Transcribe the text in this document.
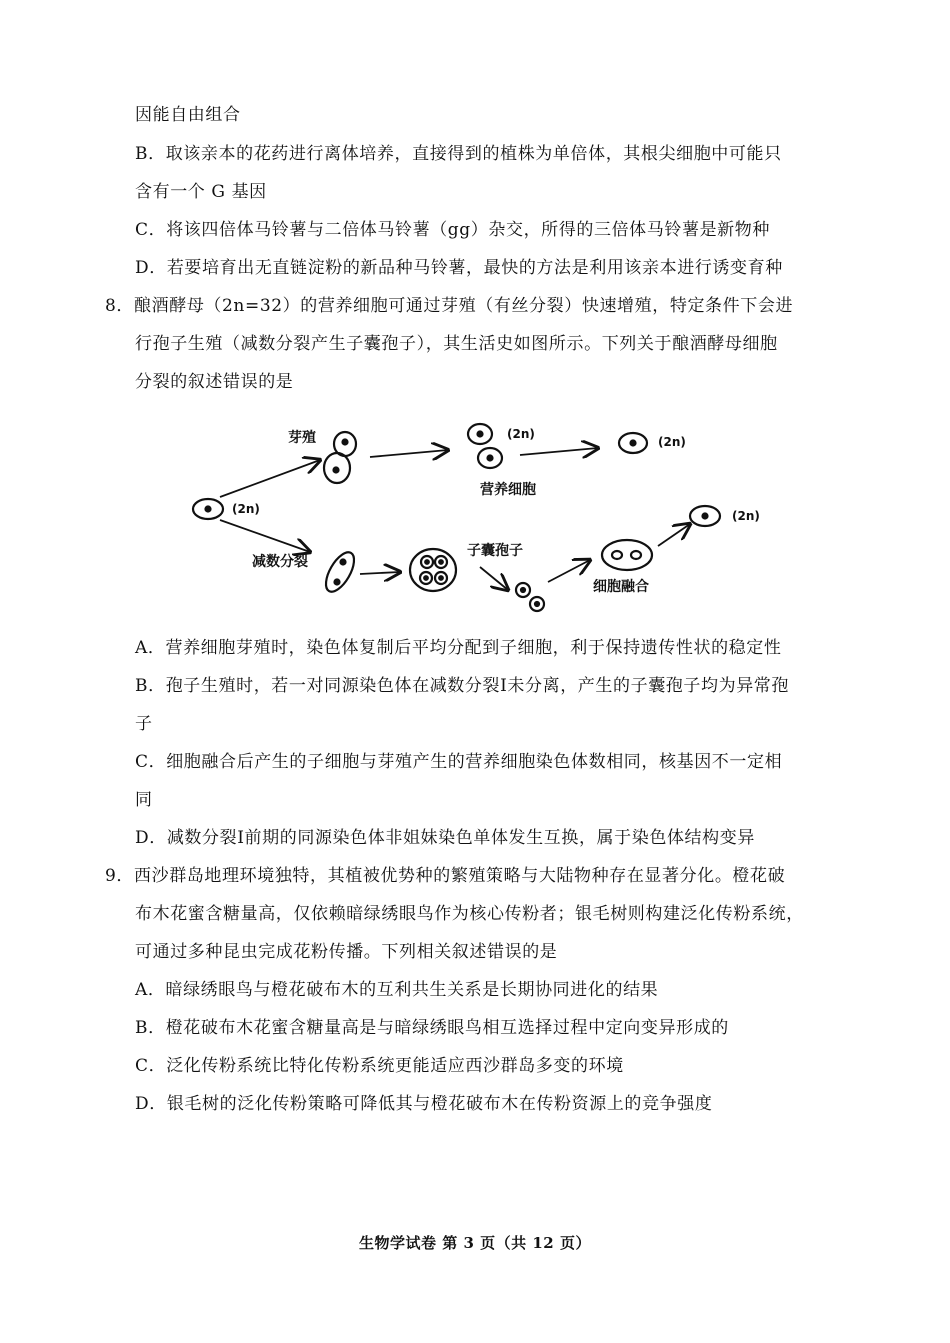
因能自由组合
B．取该亲本的花药进行离体培养，直接得到的植株为单倍体，其根尖细胞中可能只
含有一个 G 基因
C．将该四倍体马铃薯与二倍体马铃薯（gg）杂交，所得的三倍体马铃薯是新物种
D．若要培育出无直链淀粉的新品种马铃薯，最快的方法是利用该亲本进行诱变育种
8．酿酒酵母（2n=32）的营养细胞可通过芽殖（有丝分裂）快速增殖，特定条件下会进
行孢子生殖（减数分裂产生子囊孢子），其生活史如图所示。下列关于酿酒酵母细胞
分裂的叙述错误的是
A．营养细胞芽殖时，染色体复制后平均分配到子细胞，利于保持遗传性状的稳定性
B．孢子生殖时，若一对同源染色体在减数分裂Ⅰ未分离，产生的子囊孢子均为异常孢
子
C．细胞融合后产生的子细胞与芽殖产生的营养细胞染色体数相同，核基因不一定相
同
D．减数分裂Ⅰ前期的同源染色体非姐妹染色单体发生互换，属于染色体结构变异
9．西沙群岛地理环境独特，其植被优势种的繁殖策略与大陆物种存在显著分化。橙花破
布木花蜜含糖量高，仅依赖暗绿绣眼鸟作为核心传粉者；银毛树则构建泛化传粉系统，
可通过多种昆虫完成花粉传播。下列相关叙述错误的是
A．暗绿绣眼鸟与橙花破布木的互利共生关系是长期协同进化的结果
B．橙花破布木花蜜含糖量高是与暗绿绣眼鸟相互选择过程中定向变异形成的
C．泛化传粉系统比特化传粉系统更能适应西沙群岛多变的环境
D．银毛树的泛化传粉策略可降低其与橙花破布木在传粉资源上的竞争强度
芽殖
(2n)
(2n)
营养细胞
(2n)
减数分裂
子囊孢子
细胞融合
(2n)
生物学试卷 第 3 页（共 12 页）
